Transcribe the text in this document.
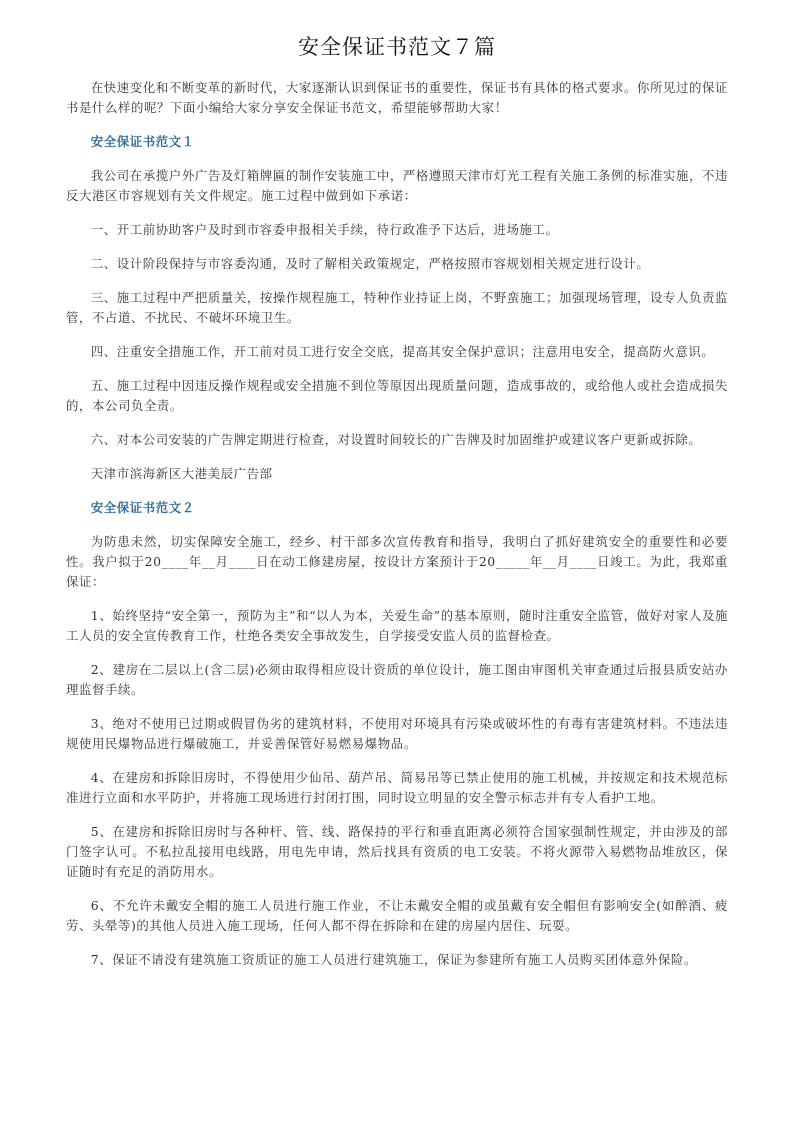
安全保证书范文７篇

在快速变化和不断变革的新时代，大家逐渐认识到保证书的重要性，保证书有具体的格式要求。你所见过的保证书是什么样的呢？下面小编给大家分享安全保证书范文，希望能够帮助大家！

安全保证书范文１

我公司在承揽户外广告及灯箱牌匾的制作安装施工中，严格遵照天津市灯光工程有关施工条例的标准实施，不违反大港区市容规划有关文件规定。施工过程中做到如下承诺：

一、开工前协助客户及时到市容委申报相关手续，待行政准予下达后，进场施工。

二、设计阶段保持与市容委沟通，及时了解相关政策规定，严格按照市容规划相关规定进行设计。

三、施工过程中严把质量关，按操作规程施工，特种作业持证上岗，不野蛮施工；加强现场管理，设专人负责监管，不占道、不扰民、不破坏环境卫生。

四、注重安全措施工作，开工前对员工进行安全交底，提高其安全保护意识；注意用电安全，提高防火意识。

五、施工过程中因违反操作规程或安全措施不到位等原因出现质量问题，造成事故的，或给他人或社会造成损失的，本公司负全责。

六、对本公司安装的广告牌定期进行检查，对设置时间较长的广告牌及时加固维护或建议客户更新或拆除。

天津市滨海新区大港美辰广告部

安全保证书范文２

为防患未然，切实保障安全施工，经乡、村干部多次宣传教育和指导，我明白了抓好建筑安全的重要性和必要性。我户拟于20____年__月____日在动工修建房屋，按设计方案预计于20_____年__月____日竣工。为此，我郑重保证：

1、始终坚持“安全第一，预防为主”和“以人为本，关爱生命”的基本原则，随时注重安全监管，做好对家人及施工人员的安全宣传教育工作，杜绝各类安全事故发生，自学接受安监人员的监督检查。

2、建房在二层以上(含二层)必须由取得相应设计资质的单位设计，施工图由审图机关审查通过后报县质安站办理监督手续。

3、绝对不使用已过期或假冒伪劣的建筑材料，不使用对环境具有污染或破坏性的有毒有害建筑材料。不违法违规使用民爆物品进行爆破施工，并妥善保管好易燃易爆物品。

4、在建房和拆除旧房时，不得使用少仙吊、葫芦吊、简易吊等已禁止使用的施工机械，并按规定和技术规范标准进行立面和水平防护，并将施工现场进行封闭打围，同时设立明显的安全警示标志并有专人看护工地。

5、在建房和拆除旧房时与各种杆、管、线、路保持的平行和垂直距离必须符合国家强制性规定，并由涉及的部门签字认可。不私拉乱接用电线路，用电先申请，然后找具有资质的电工安装。不将火源带入易燃物品堆放区，保证随时有充足的消防用水。

6、不允许未戴安全帽的施工人员进行施工作业，不让未戴安全帽的或虽戴有安全帽但有影响安全(如醉酒、疲劳、头晕等)的其他人员进入施工现场，任何人都不得在拆除和在建的房屋内居住、玩耍。

7、保证不请没有建筑施工资质证的施工人员进行建筑施工，保证为参建所有施工人员购买团体意外保险。
